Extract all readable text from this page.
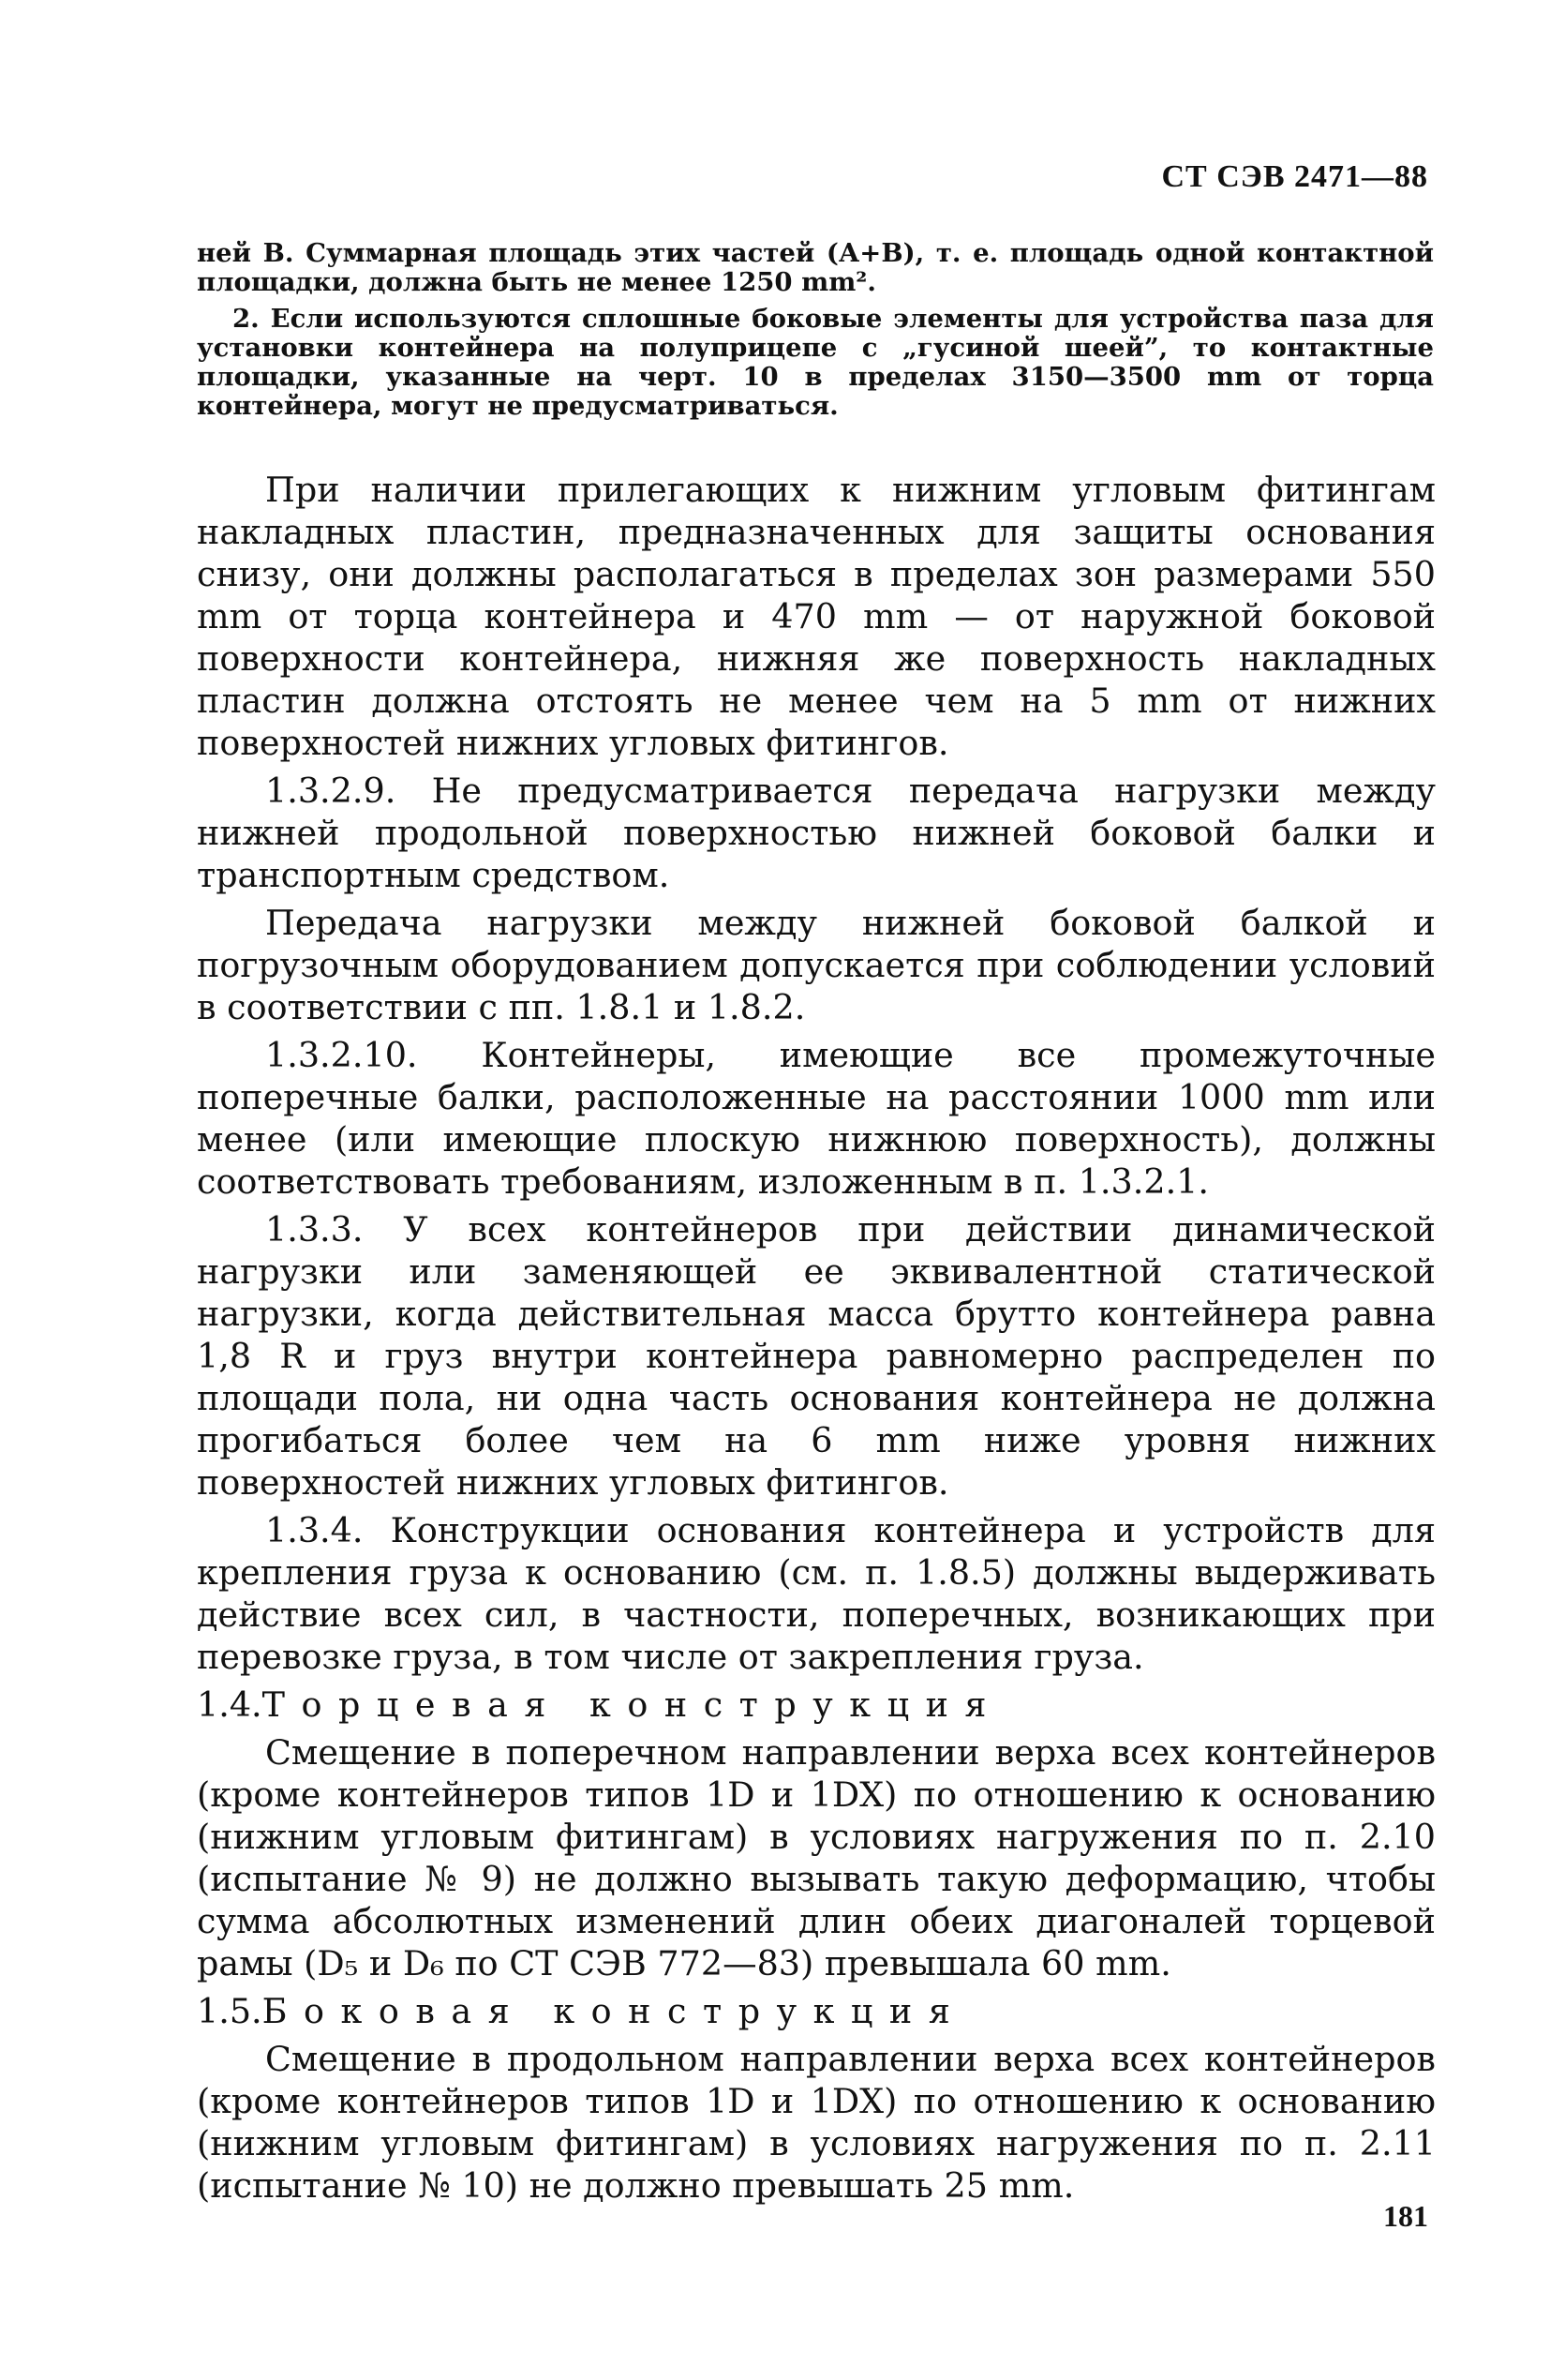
СТ СЭВ 2471—88

ней В. Суммарная площадь этих частей (А+В), т. е. площадь одной контактной площадки, должна быть не менее 1250 mm².

2. Если используются сплошные боковые элементы для устройства паза для установки контейнера на полуприцепе с „гусиной шеей”, то контактные площадки, указанные на черт. 10 в пределах 3150—3500 mm от торца контейнера, могут не предусматриваться.

При наличии прилегающих к нижним угловым фитингам накладных пластин, предназначенных для защиты основания снизу, они должны располагаться в пределах зон размерами 550 mm от торца контейнера и 470 mm — от наружной боковой поверхности контейнера, нижняя же поверхность накладных пластин должна отстоять не менее чем на 5 mm от нижних поверхностей нижних угловых фитингов.

1.3.2.9. Не предусматривается передача нагрузки между нижней продольной поверхностью нижней боковой балки и транспортным средством.

Передача нагрузки между нижней боковой балкой и погрузочным оборудованием допускается при соблюдении условий в соответствии с пп. 1.8.1 и 1.8.2.

1.3.2.10. Контейнеры, имеющие все промежуточные поперечные балки, расположенные на расстоянии 1000 mm или менее (или имеющие плоскую нижнюю поверхность), должны соответствовать требованиям, изложенным в п. 1.3.2.1.

1.3.3. У всех контейнеров при действии динамической нагрузки или заменяющей ее эквивалентной статической нагрузки, когда действительная масса брутто контейнера равна 1,8 R и груз внутри контейнера равномерно распределен по площади пола, ни одна часть основания контейнера не должна прогибаться более чем на 6 mm ниже уровня нижних поверхностей нижних угловых фитингов.

1.3.4. Конструкции основания контейнера и устройств для крепления груза к основанию (см. п. 1.8.5) должны выдерживать действие всех сил, в частности, поперечных, возникающих при перевозке груза, в том числе от закрепления груза.

1.4.Торцевая конструкция

Смещение в поперечном направлении верха всех контейнеров (кроме контейнеров типов 1D и 1DX) по отношению к основанию (нижним угловым фитингам) в условиях нагружения по п. 2.10 (испытание № 9) не должно вызывать такую деформацию, чтобы сумма абсолютных изменений длин обеих диагоналей торцевой рамы (D₅ и D₆ по СТ СЭВ 772—83) превышала 60 mm.

1.5.Боковая конструкция

Смещение в продольном направлении верха всех контейнеров (кроме контейнеров типов 1D и 1DX) по отношению к основанию (нижним угловым фитингам) в условиях нагружения по п. 2.11 (испытание № 10) не должно превышать 25 mm.

181
